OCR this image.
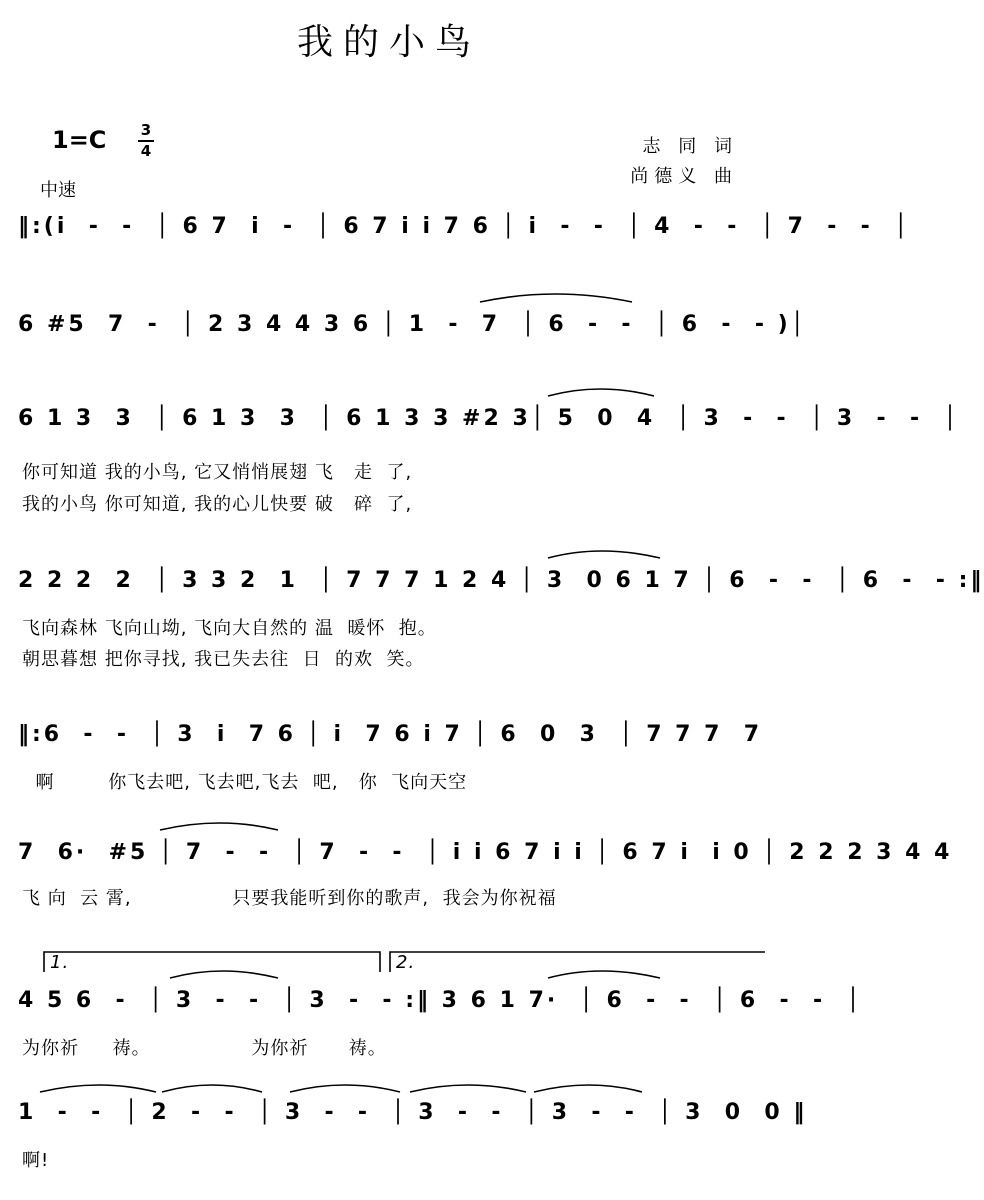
我的小鸟
1=C 3
4
中速
志 同 词
尚德义 曲
‖:(i  -  -  │ 6 7  i  -  │ 6 7 i i 7 6 │ i  -  -  │ 4  -  -  │ 7  -  -  │
6 #5  7  -  │ 2 3 4 4 3 6 │ 1  -  7  │ 6  -  -  │ 6  -  - )│
6 1 3  3  │ 6 1 3  3  │ 6 1 3 3 #2 3│ 5  0  4  │ 3  -  -  │ 3  -  -  │
你可知道 我的小鸟, 它又悄悄展翅 飞   走  了,
我的小鸟 你可知道, 我的心儿快要 破   碎  了,
2 2 2  2  │ 3 3 2  1  │ 7 7 7 1 2 4 │ 3  0 6 1 7 │ 6  -  -  │ 6  -  - :‖
飞向森林 飞向山坳, 飞向大自然的 温  暖怀  抱。
朝思暮想 把你寻找, 我已失去往  日  的欢  笑。
‖:6  -  -  │ 3  i  7 6 │ i  7 6 i 7 │ 6  0  3  │ 7 7 7  7
啊        你飞去吧, 飞去吧,飞去  吧,   你  飞向天空
7  6·  #5 │ 7  -  -  │ 7  -  -  │ i i 6 7 i i │ 6 7 i  i 0 │ 2 2 2 3 4 4
飞 向  云 霄,               只要我能听到你的歌声,  我会为你祝福
1.	2.
4 5 6  -  │ 3  -  -  │ 3  -  - :‖ 3 6 1 7·  │ 6  -  -  │ 6  -  -  │
为你祈     祷。               为你祈      祷。
1  -  -  │ 2  -  -  │ 3  -  -  │ 3  -  -  │ 3  -  -  │ 3  0  0 ‖
啊!
